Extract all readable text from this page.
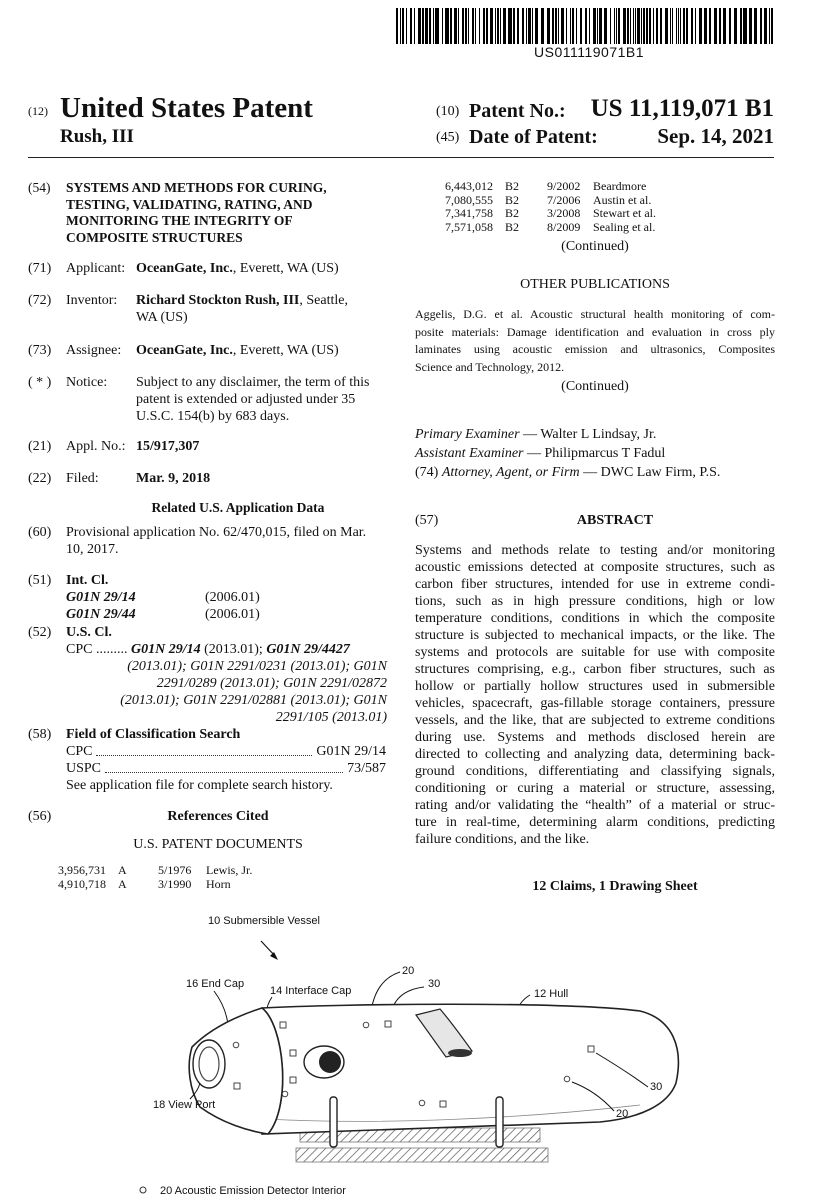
US011119071B1
(12) United States Patent
Rush, III
(10) Patent No.: US 11,119,071 B1
(45) Date of Patent:	Sep. 14, 2021
(54) SYSTEMS AND METHODS FOR CURING,
TESTING, VALIDATING, RATING, AND
MONITORING THE INTEGRITY OF
COMPOSITE STRUCTURES
(71) Applicant: OceanGate, Inc., Everett, WA (US)
(72) Inventor: Richard Stockton Rush, III, Seattle,
WA (US)
(73) Assignee: OceanGate, Inc., Everett, WA (US)
( * ) Notice: Subject to any disclaimer, the term of this
patent is extended or adjusted under 35
U.S.C. 154(b) by 683 days.
(21) Appl. No.: 15/917,307
(22) Filed:	Mar. 9, 2018
Related U.S. Application Data
(60) Provisional application No. 62/470,015, filed on Mar.
10, 2017.
(51) Int. Cl.
G01N 29/14	(2006.01)
G01N 29/44	(2006.01)
(52) U.S. Cl.
CPC ......... G01N 29/14 (2013.01); G01N 29/4427
(2013.01); G01N 2291/0231 (2013.01); G01N
2291/0289 (2013.01); G01N 2291/02872
(2013.01); G01N 2291/02881 (2013.01); G01N
2291/105 (2013.01)
(58) Field of Classification Search
CPC	G01N 29/14
USPC	73/587
See application file for complete search history.
(56)	References Cited
U.S. PATENT DOCUMENTS
3,956,731	A	5/1976	Lewis, Jr.
4,910,718	A	3/1990	Horn
6,443,012	B2	9/2002	Beardmore
7,080,555	B2	7/2006	Austin et al.
7,341,758	B2	3/2008	Stewart et al.
7,571,058	B2	8/2009	Sealing et al.
(Continued)
OTHER PUBLICATIONS
Aggelis, D.G. et al. Acoustic structural health monitoring of com-
posite materials: Damage identification and evaluation in cross ply
laminates using acoustic emission and ultrasonics, Composites
Science and Technology, 2012.
(Continued)
Primary Examiner — Walter L Lindsay, Jr.
Assistant Examiner — Philipmarcus T Fadul
(74) Attorney, Agent, or Firm — DWC Law Firm, P.S.
(57)	ABSTRACT
Systems and methods relate to testing and/or monitoring
acoustic emissions detected at composite structures, such as
carbon fiber structures, intended for use in extreme condi-
tions, such as in high pressure conditions, high or low
temperature conditions, conditions in which the composite
structure is subjected to mechanical impacts, or the like. The
systems and protocols are suitable for use with composite
structures comprising, e.g., carbon fiber structures, such as
hollow or partially hollow structures used in submersible
vehicles, spacecraft, gas-fillable storage containers, pressure
vessels, and the like, that are subjected to extreme conditions
during use. Systems and methods disclosed herein are
directed to collecting and analyzing data, determining back-
ground conditions, differentiating and classifying signals,
conditioning or curing a material or structure, assessing,
rating and/or validating the “health” of a material or struc-
ture in real-time, determining alarm conditions, predicting
failure conditions, and the like.
12 Claims, 1 Drawing Sheet
10 Submersible Vessel
16 End Cap
14 Interface Cap
20
30
12 Hull
18 View Port
30
20
20 Acoustic Emission Detector Interior
